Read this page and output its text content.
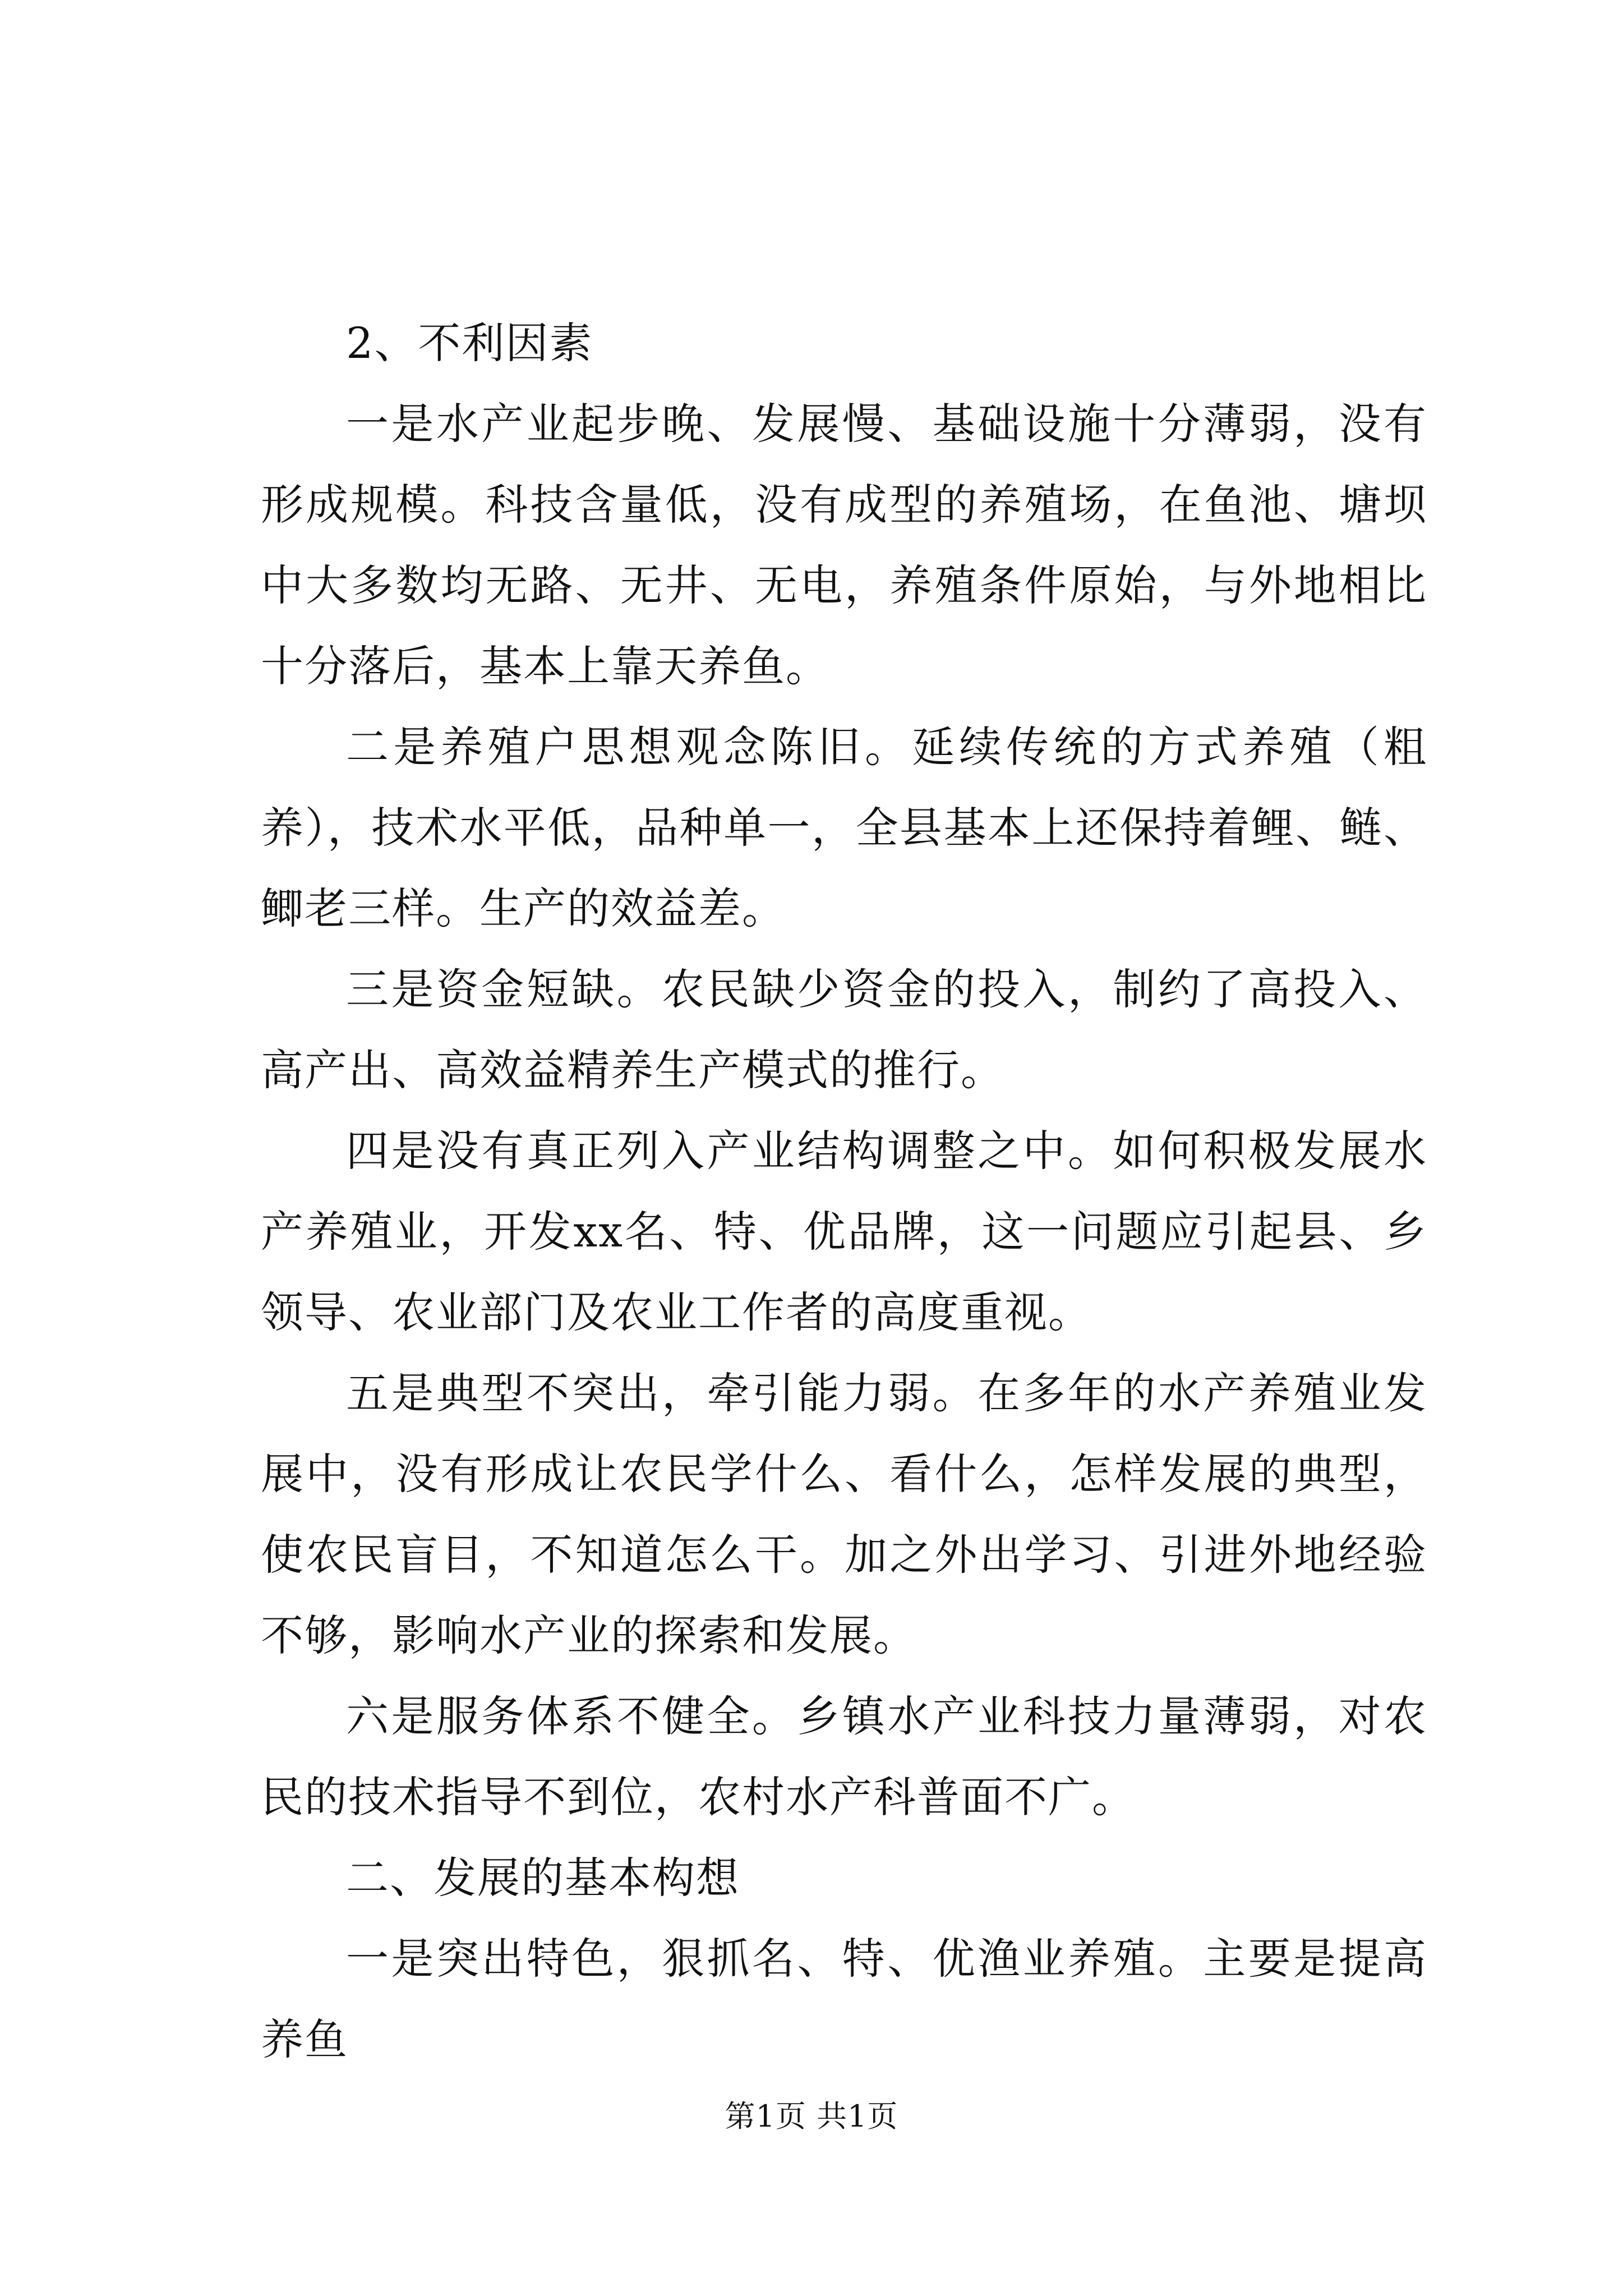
2、不利因素

一是水产业起步晚、发展慢、基础设施十分薄弱，没有形成规模。科技含量低，没有成型的养殖场，在鱼池、塘坝中大多数均无路、无井、无电，养殖条件原始，与外地相比十分落后，基本上靠天养鱼。

二是养殖户思想观念陈旧。延续传统的方式养殖（粗养），技术水平低，品种单一，全县基本上还保持着鲤、鲢、鲫老三样。生产的效益差。

三是资金短缺。农民缺少资金的投入，制约了高投入、高产出、高效益精养生产模式的推行。

四是没有真正列入产业结构调整之中。如何积极发展水产养殖业，开发xx名、特、优品牌，这一问题应引起县、乡领导、农业部门及农业工作者的高度重视。

五是典型不突出，牵引能力弱。在多年的水产养殖业发展中，没有形成让农民学什么、看什么，怎样发展的典型，使农民盲目，不知道怎么干。加之外出学习、引进外地经验不够，影响水产业的探索和发展。

六是服务体系不健全。乡镇水产业科技力量薄弱，对农民的技术指导不到位，农村水产科普面不广。

二、发展的基本构想

一是突出特色，狠抓名、特、优渔业养殖。主要是提高养鱼

第1页 共1页
